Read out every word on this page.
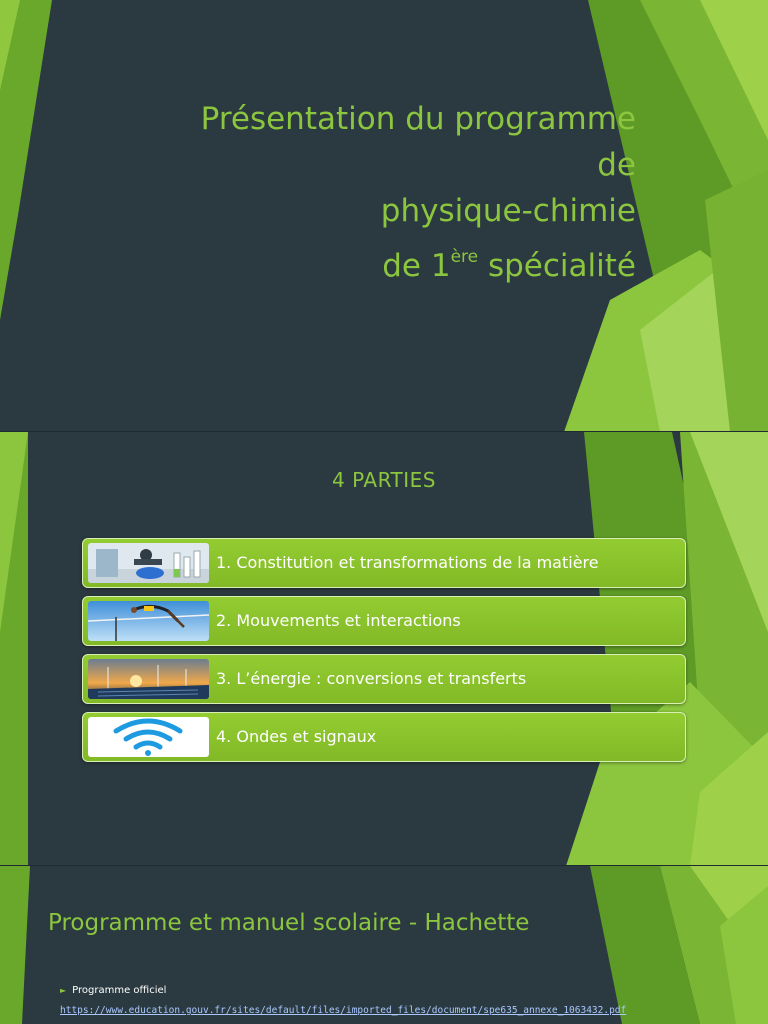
Présentation du programme
de
physique-chimie
de 1ère spécialité
4 PARTIES
1. Constitution et transformations de la matière
2. Mouvements et interactions
3. L’énergie : conversions et transferts
4. Ondes et signaux
Programme et manuel scolaire - Hachette
► Programme officiel
https://www.education.gouv.fr/sites/default/files/imported_files/document/spe635_annexe_1063432.pdf
